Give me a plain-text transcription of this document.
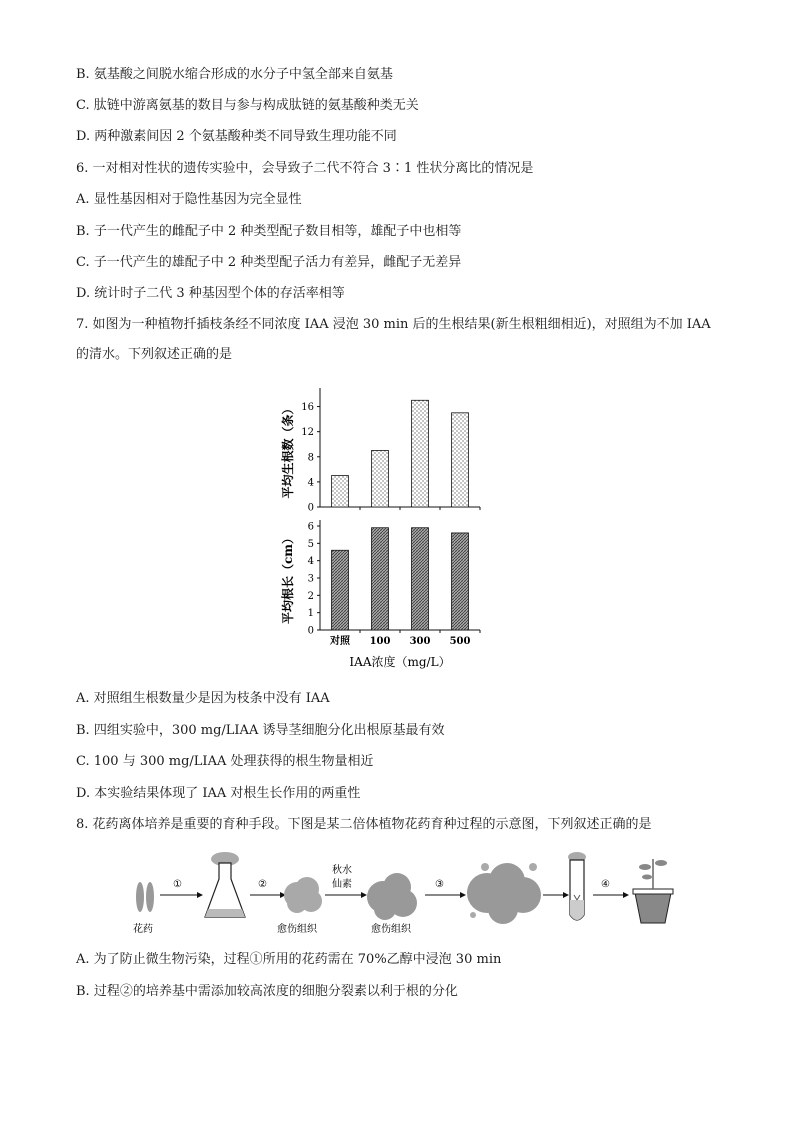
B. 氨基酸之间脱水缩合形成的水分子中氢全部来自氨基
C. 肽链中游离氨基的数目与参与构成肽链的氨基酸种类无关
D. 两种激素间因 2 个氨基酸种类不同导致生理功能不同
6. 一对相对性状的遗传实验中，会导致子二代不符合 3∶1 性状分离比的情况是
A. 显性基因相对于隐性基因为完全显性
B. 子一代产生的雌配子中 2 种类型配子数目相等，雄配子中也相等
C. 子一代产生的雄配子中 2 种类型配子活力有差异，雌配子无差异
D. 统计时子二代 3 种基因型个体的存活率相等
7. 如图为一种植物扦插枝条经不同浓度 IAA 浸泡 30 min 后的生根结果(新生根粗细相近)，对照组为不加 IAA
的清水。下列叙述正确的是
0
4
8
12
16
平均生根数（条）
0
1
2
3
4
5
6
对照 100 300 500
平均根长（cm）
IAA浓度（mg/L）
A. 对照组生根数量少是因为枝条中没有 IAA
B. 四组实验中，300 mg/LIAA 诱导茎细胞分化出根原基最有效
C. 100 与 300 mg/LIAA 处理获得的根生物量相近
D. 本实验结果体现了 IAA 对根生长作用的两重性
8. 花药离体培养是重要的育种手段。下图是某二倍体植物花药育种过程的示意图，下列叙述正确的是
花药
①	②
愈伤组织
秋水
仙素
愈伤组织
③	④
A. 为了防止微生物污染，过程①所用的花药需在 70%乙醇中浸泡 30 min
B. 过程②的培养基中需添加较高浓度的细胞分裂素以利于根的分化
